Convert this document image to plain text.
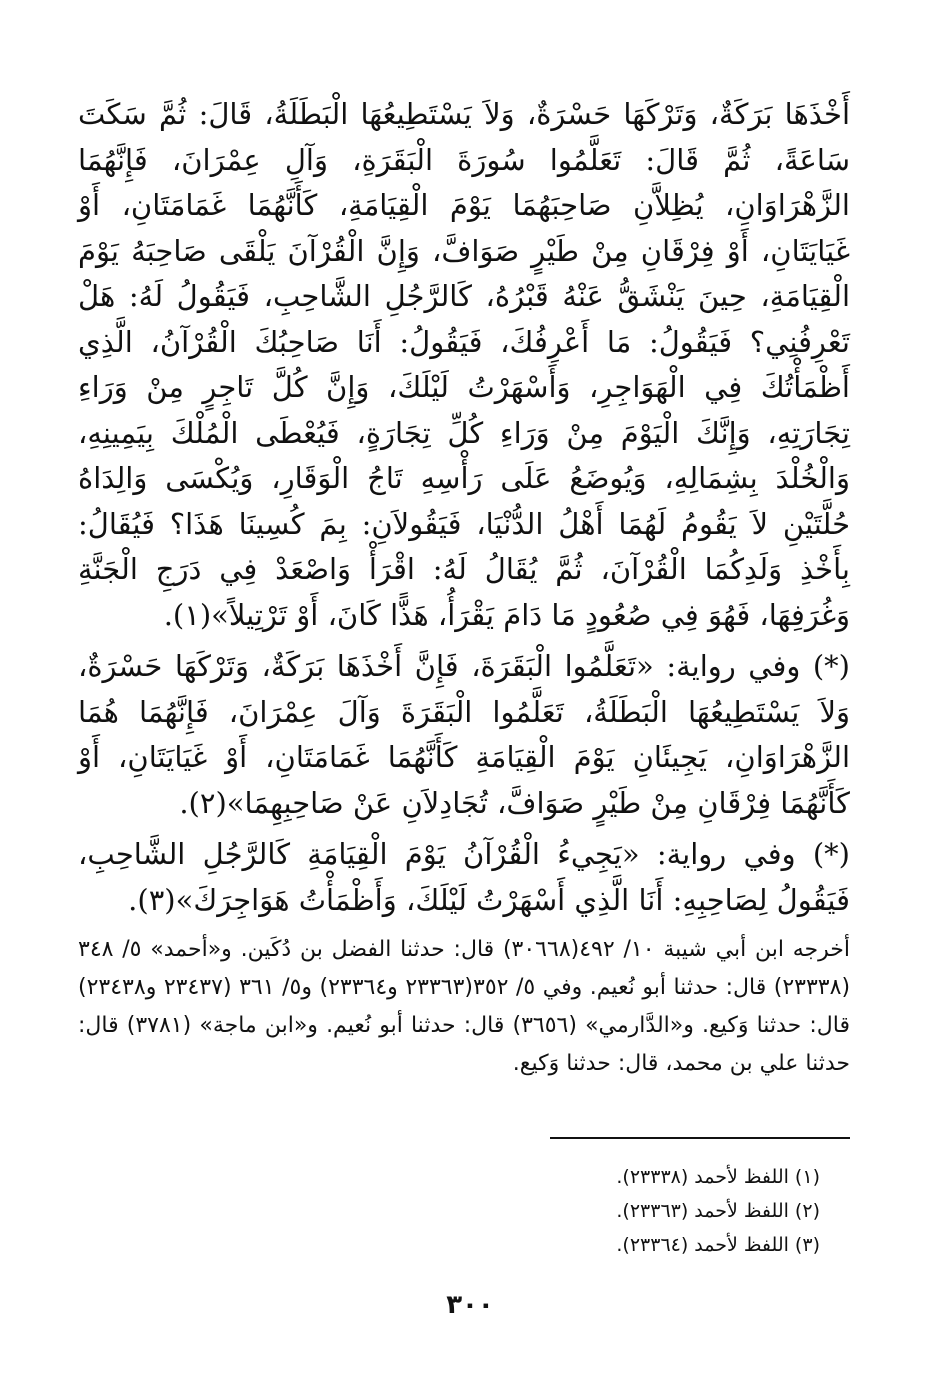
أَخْذَهَا بَرَكَةٌ، وَتَرْكَهَا حَسْرَةٌ، وَلاَ يَسْتَطِيعُهَا الْبَطَلَةُ، قَالَ: ثُمَّ سَكَتَ سَاعَةً، ثُمَّ قَالَ: تَعَلَّمُوا سُورَةَ الْبَقَرَةِ، وَآلِ عِمْرَانَ، فَإِنَّهُمَا الزَّهْرَاوَانِ، يُظِلاَّنِ صَاحِبَهُمَا يَوْمَ الْقِيَامَةِ، كَأَنَّهُمَا غَمَامَتَانِ، أَوْ غَيَايَتَانِ، أَوْ فِرْقَانِ مِنْ طَيْرٍ صَوَافَّ، وَإِنَّ الْقُرْآنَ يَلْقَى صَاحِبَهُ يَوْمَ الْقِيَامَةِ، حِينَ يَنْشَقُّ عَنْهُ قَبْرُهُ، كَالرَّجُلِ الشَّاحِبِ، فَيَقُولُ لَهُ: هَلْ تَعْرِفُنِي؟ فَيَقُولُ: مَا أَعْرِفُكَ، فَيَقُولُ: أَنَا صَاحِبُكَ الْقُرْآنُ، الَّذِي أَظْمَأْتُكَ فِي الْهَوَاجِرِ، وَأَسْهَرْتُ لَيْلَكَ، وَإِنَّ كُلَّ تَاجِرٍ مِنْ وَرَاءِ تِجَارَتِهِ، وَإِنَّكَ الْيَوْمَ مِنْ وَرَاءِ كُلِّ تِجَارَةٍ، فَيُعْطَى الْمُلْكَ بِيَمِينِهِ، وَالْخُلْدَ بِشِمَالِهِ، وَيُوضَعُ عَلَى رَأْسِهِ تَاجُ الْوَقَارِ، وَيُكْسَى وَالِدَاهُ حُلَّتَيْنِ لاَ يَقُومُ لَهُمَا أَهْلُ الدُّنْيَا، فَيَقُولاَنِ: بِمَ كُسِينَا هَذَا؟ فَيُقَالُ: بِأَخْذِ وَلَدِكُمَا الْقُرْآنَ، ثُمَّ يُقَالُ لَهُ: اقْرَأْ وَاصْعَدْ فِي دَرَجِ الْجَنَّةِ وَغُرَفِهَا، فَهُوَ فِي صُعُودٍ مَا دَامَ يَقْرَأُ، هَذًّا كَانَ، أَوْ تَرْتِيلاً»(١).

(*) وفي رواية: «تَعَلَّمُوا الْبَقَرَةَ، فَإِنَّ أَخْذَهَا بَرَكَةٌ، وَتَرْكَهَا حَسْرَةٌ، وَلاَ يَسْتَطِيعُهَا الْبَطَلَةُ، تَعَلَّمُوا الْبَقَرَةَ وَآلَ عِمْرَانَ، فَإِنَّهُمَا هُمَا الزَّهْرَاوَانِ، يَجِيئَانِ يَوْمَ الْقِيَامَةِ كَأَنَّهُمَا غَمَامَتَانِ، أَوْ غَيَايَتَانِ، أَوْ كَأَنَّهُمَا فِرْقَانِ مِنْ طَيْرٍ صَوَافَّ، تُجَادِلاَنِ عَنْ صَاحِبِهِمَا»(٢).

(*) وفي رواية: «يَجِيءُ الْقُرْآنُ يَوْمَ الْقِيَامَةِ كَالرَّجُلِ الشَّاحِبِ، فَيَقُولُ لِصَاحِبِهِ: أَنَا الَّذِي أَسْهَرْتُ لَيْلَكَ، وَأَظْمَأْتُ هَوَاجِرَكَ»(٣).

أخرجه ابن أبي شيبة ١٠/ ٤٩٢(٣٠٦٦٨) قال: حدثنا الفضل بن دُكَين. و«أحمد» ٥/ ٣٤٨ (٢٣٣٣٨) قال: حدثنا أبو نُعيم. وفي ٥/ ٣٥٢(٢٣٣٦٣ و٢٣٣٦٤) و٥/ ٣٦١ (٢٣٤٣٧ و٢٣٤٣٨) قال: حدثنا وَكيع. و«الدَّارمي» (٣٦٥٦) قال: حدثنا أبو نُعيم. و«ابن ماجة» (٣٧٨١) قال: حدثنا علي بن محمد، قال: حدثنا وَكيع.

(١) اللفظ لأحمد (٢٣٣٣٨).

(٢) اللفظ لأحمد (٢٣٣٦٣).

(٣) اللفظ لأحمد (٢٣٣٦٤).

٣٠٠
